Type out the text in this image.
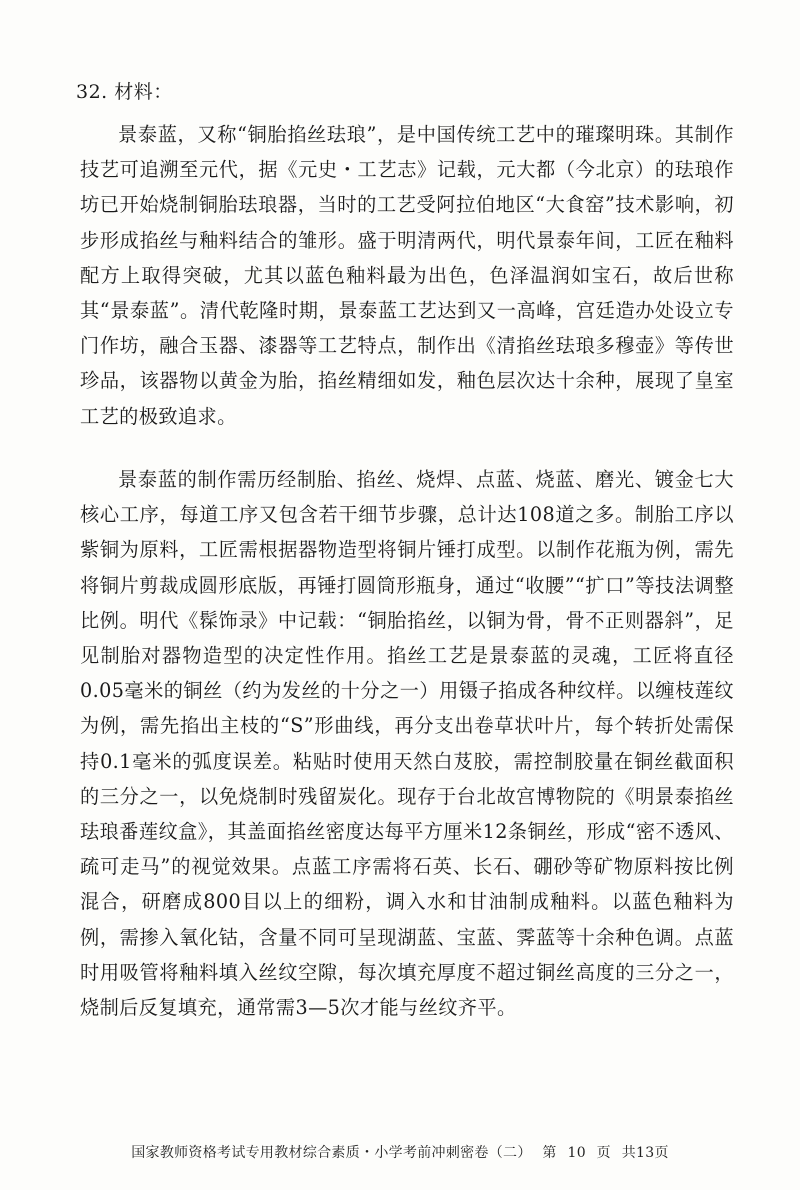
32. 材料：

景泰蓝，又称“铜胎掐丝珐琅”，是中国传统工艺中的璀璨明珠。其制作技艺可追溯至元代，据《元史・工艺志》记载，元大都（今北京）的珐琅作坊已开始烧制铜胎珐琅器，当时的工艺受阿拉伯地区“大食窑”技术影响，初步形成掐丝与釉料结合的雏形。盛于明清两代，明代景泰年间，工匠在釉料配方上取得突破，尤其以蓝色釉料最为出色，色泽温润如宝石，故后世称其“景泰蓝”。清代乾隆时期，景泰蓝工艺达到又一高峰，宫廷造办处设立专门作坊，融合玉器、漆器等工艺特点，制作出《清掐丝珐琅多穆壶》等传世珍品，该器物以黄金为胎，掐丝精细如发，釉色层次达十余种，展现了皇室工艺的极致追求。

景泰蓝的制作需历经制胎、掐丝、烧焊、点蓝、烧蓝、磨光、镀金七大核心工序，每道工序又包含若干细节步骤，总计达108道之多。制胎工序以紫铜为原料，工匠需根据器物造型将铜片锤打成型。以制作花瓶为例，需先将铜片剪裁成圆形底版，再锤打圆筒形瓶身，通过“收腰”“扩口”等技法调整比例。明代《髹饰录》中记载：“铜胎掐丝，以铜为骨，骨不正则器斜”，足见制胎对器物造型的决定性作用。掐丝工艺是景泰蓝的灵魂，工匠将直径0.05毫米的铜丝（约为发丝的十分之一）用镊子掐成各种纹样。以缠枝莲纹为例，需先掐出主枝的“S”形曲线，再分支出卷草状叶片，每个转折处需保持0.1毫米的弧度误差。粘贴时使用天然白芨胶，需控制胶量在铜丝截面积的三分之一，以免烧制时残留炭化。现存于台北故宫博物院的《明景泰掐丝珐琅番莲纹盒》，其盖面掐丝密度达每平方厘米12条铜丝，形成“密不透风、疏可走马”的视觉效果。点蓝工序需将石英、长石、硼砂等矿物原料按比例混合，研磨成800目以上的细粉，调入水和甘油制成釉料。以蓝色釉料为例，需掺入氧化钴，含量不同可呈现湖蓝、宝蓝、霁蓝等十余种色调。点蓝时用吸管将釉料填入丝纹空隙，每次填充厚度不超过铜丝高度的三分之一，烧制后反复填充，通常需3—5次才能与丝纹齐平。

国家教师资格考试专用教材综合素质・小学考前冲刺密卷（二） 第 10 页 共13页
